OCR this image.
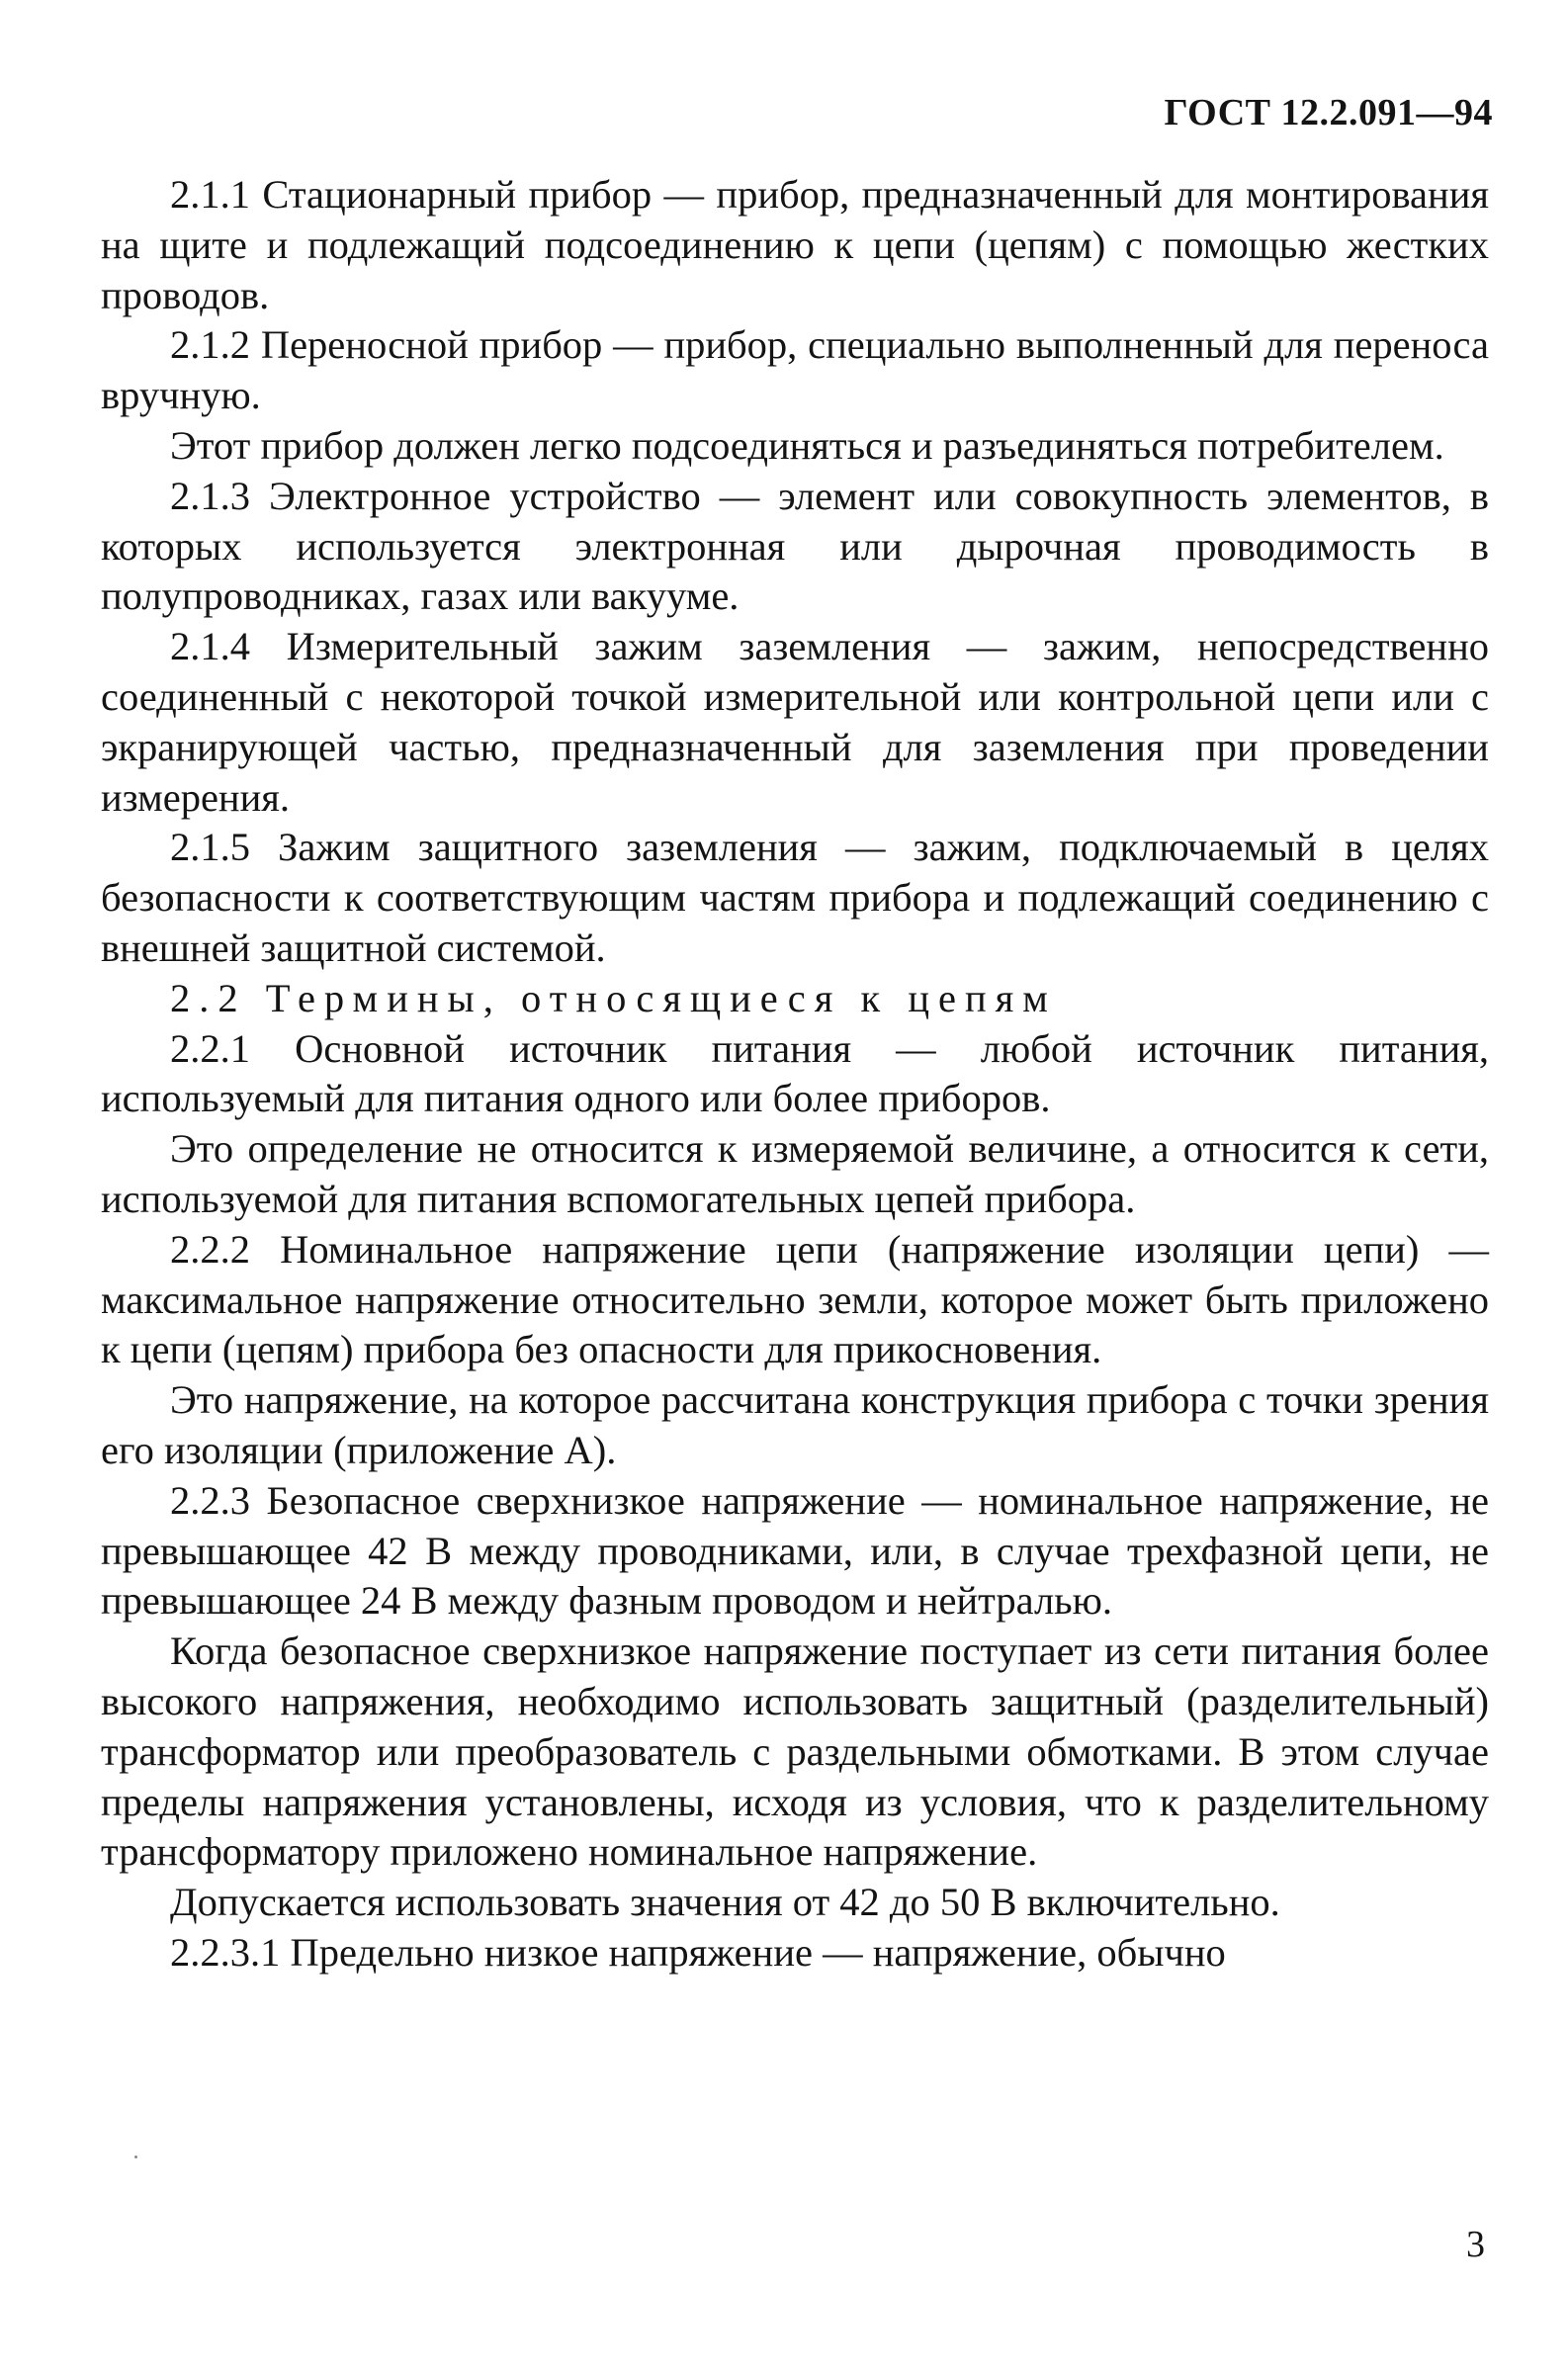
ГОСТ 12.2.091—94

2.1.1 Стационарный прибор — прибор, предназначенный для монтирования на щите и подлежащий подсоединению к цепи (цепям) с помощью жестких проводов.

2.1.2 Переносной прибор — прибор, специально выполненный для переноса вручную.

Этот прибор должен легко подсоединяться и разъединяться потребителем.

2.1.3 Электронное устройство — элемент или совокупность элементов, в которых используется электронная или дырочная проводимость в полупроводниках, газах или вакууме.

2.1.4 Измерительный зажим заземления — зажим, непосредственно соединенный с некоторой точкой измерительной или контрольной цепи или с экранирующей частью, предназначенный для заземления при проведении измерения.

2.1.5 Зажим защитного заземления — зажим, подключаемый в целях безопасности к соответствующим частям прибора и подлежащий соединению с внешней защитной системой.

2.2 Термины, относящиеся к цепям

2.2.1 Основной источник питания — любой источник питания, используемый для питания одного или более приборов.

Это определение не относится к измеряемой величине, а относится к сети, используемой для питания вспомогательных цепей прибора.

2.2.2 Номинальное напряжение цепи (напряжение изоляции цепи) — максимальное напряжение относительно земли, которое может быть приложено к цепи (цепям) прибора без опасности для прикосновения.

Это напряжение, на которое рассчитана конструкция прибора с точки зрения его изоляции (приложение А).

2.2.3 Безопасное сверхнизкое напряжение — номинальное напряжение, не превышающее 42 В между проводниками, или, в случае трехфазной цепи, не превышающее 24 В между фазным проводом и нейтралью.

Когда безопасное сверхнизкое напряжение поступает из сети питания более высокого напряжения, необходимо использовать защитный (разделительный) трансформатор или преобразователь с раздельными обмотками. В этом случае пределы напряжения установлены, исходя из условия, что к разделительному трансформатору приложено номинальное напряжение.

Допускается использовать значения от 42 до 50 В включительно.

2.2.3.1 Предельно низкое напряжение — напряжение, обычно

3
